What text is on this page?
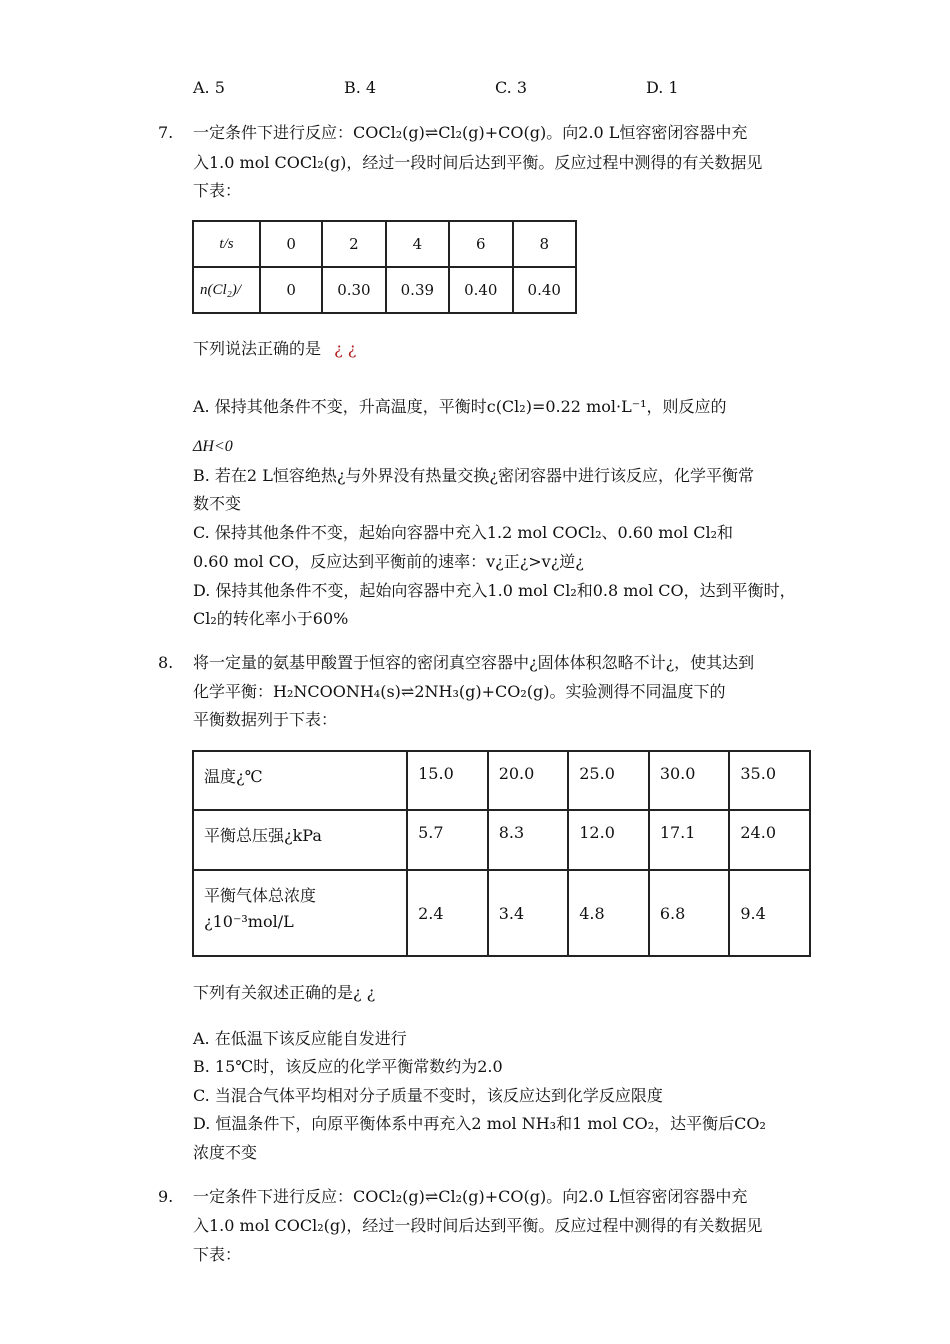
A. 5	B. 4	C. 3	D. 1
7. 一定条件下进行反应：COCl₂(g)⇌Cl₂(g)+CO(g)。向2.0 L恒容密闭容器中充
入1.0 mol COCl₂(g)，经过一段时间后达到平衡。反应过程中测得的有关数据见
下表：
t/s	0	2	4	6	8
n(Cl₂)/	0	0.30	0.39	0.40	0.40
下列说法正确的是 ¿ ¿
A. 保持其他条件不变，升高温度，平衡时c(Cl₂)=0.22 mol·L⁻¹，则反应的
ΔH<0
B. 若在2 L恒容绝热¿与外界没有热量交换¿密闭容器中进行该反应，化学平衡常
数不变
C. 保持其他条件不变，起始向容器中充入1.2 mol COCl₂、0.60 mol Cl₂和
0.60 mol CO，反应达到平衡前的速率：v¿正¿>v¿逆¿
D. 保持其他条件不变，起始向容器中充入1.0 mol Cl₂和0.8 mol CO，达到平衡时，
Cl₂的转化率小于60%
8. 将一定量的氨基甲酸置于恒容的密闭真空容器中¿固体体积忽略不计¿，使其达到
化学平衡：H₂NCOONH₄(s)⇌2NH₃(g)+CO₂(g)。实验测得不同温度下的
平衡数据列于下表：
温度¿℃	15.0	20.0	25.0	30.0	35.0
平衡总压强¿kPa	5.7	8.3	12.0	17.1	24.0

平衡气体总浓度
¿10⁻³mol/L	2.4	3.4	4.8	6.8	9.4
下列有关叙述正确的是¿ ¿
A. 在低温下该反应能自发进行
B. 15℃时，该反应的化学平衡常数约为2.0
C. 当混合气体平均相对分子质量不变时，该反应达到化学反应限度
D. 恒温条件下，向原平衡体系中再充入2 mol NH₃和1 mol CO₂，达平衡后CO₂
浓度不变
9. 一定条件下进行反应：COCl₂(g)⇌Cl₂(g)+CO(g)。向2.0 L恒容密闭容器中充
入1.0 mol COCl₂(g)，经过一段时间后达到平衡。反应过程中测得的有关数据见
下表：
